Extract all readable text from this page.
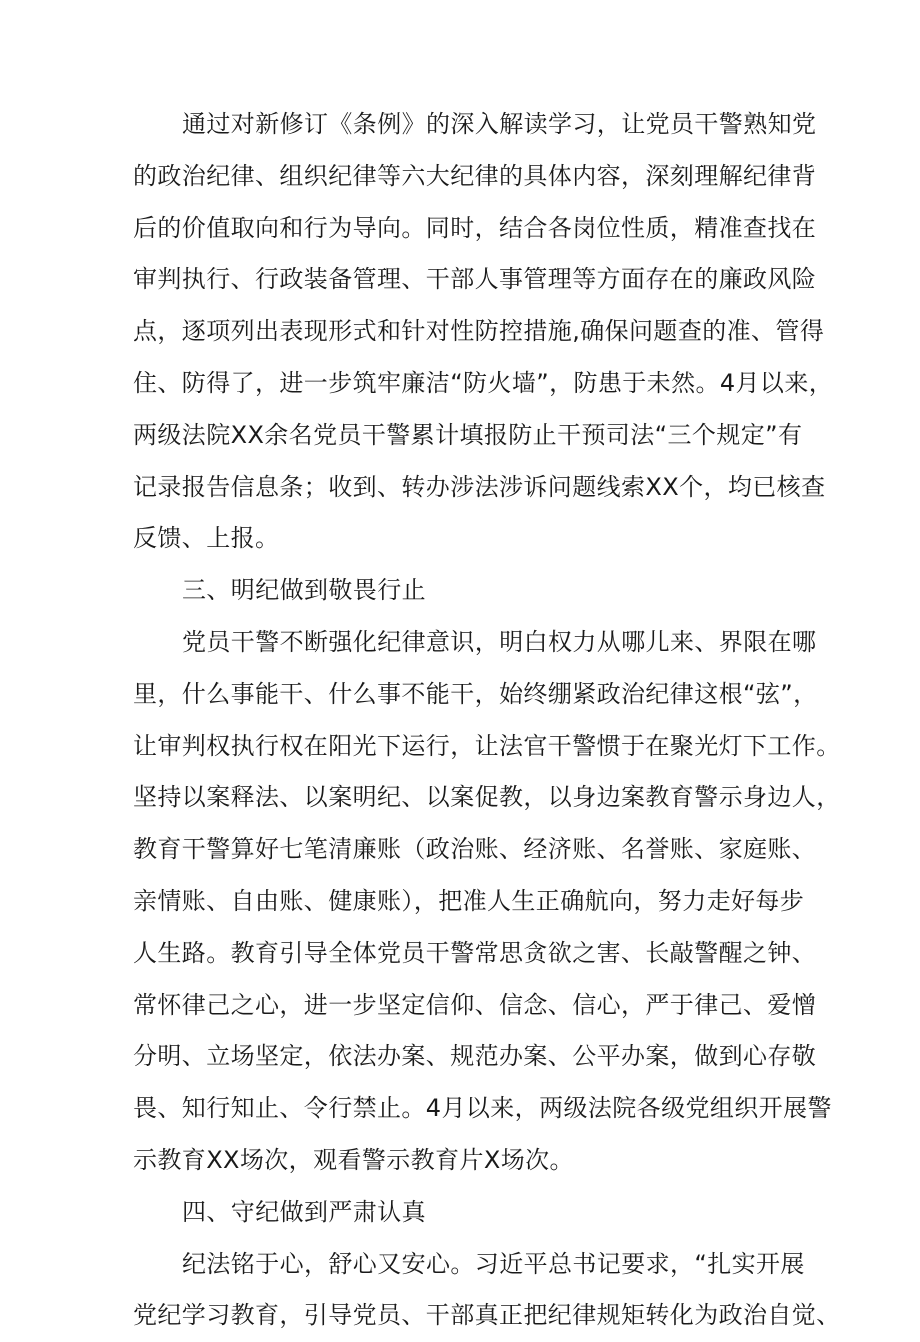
通过对新修订《条例》的深入解读学习，让党员干警熟知党
的政治纪律、组织纪律等六大纪律的具体内容，深刻理解纪律背
后的价值取向和行为导向。同时，结合各岗位性质，精准查找在
审判执行、行政装备管理、干部人事管理等方面存在的廉政风险
点，逐项列出表现形式和针对性防控措施,确保问题查的准、管得
住、防得了，进一步筑牢廉洁“防火墙”，防患于未然。4月以来，
两级法院XX余名党员干警累计填报防止干预司法“三个规定”有
记录报告信息条；收到、转办涉法涉诉问题线索XX个，均已核查
反馈、上报。
三、明纪做到敬畏行止
党员干警不断强化纪律意识，明白权力从哪儿来、界限在哪
里，什么事能干、什么事不能干，始终绷紧政治纪律这根“弦”，
让审判权执行权在阳光下运行，让法官干警惯于在聚光灯下工作。
坚持以案释法、以案明纪、以案促教，以身边案教育警示身边人，
教育干警算好七笔清廉账（政治账、经济账、名誉账、家庭账、
亲情账、自由账、健康账），把准人生正确航向，努力走好每步
人生路。教育引导全体党员干警常思贪欲之害、长敲警醒之钟、
常怀律己之心，进一步坚定信仰、信念、信心，严于律己、爱憎
分明、立场坚定，依法办案、规范办案、公平办案，做到心存敬
畏、知行知止、令行禁止。4月以来，两级法院各级党组织开展警
示教育XX场次，观看警示教育片X场次。
四、守纪做到严肃认真
纪法铭于心，舒心又安心。习近平总书记要求，“扎实开展
党纪学习教育，引导党员、干部真正把纪律规矩转化为政治自觉、
